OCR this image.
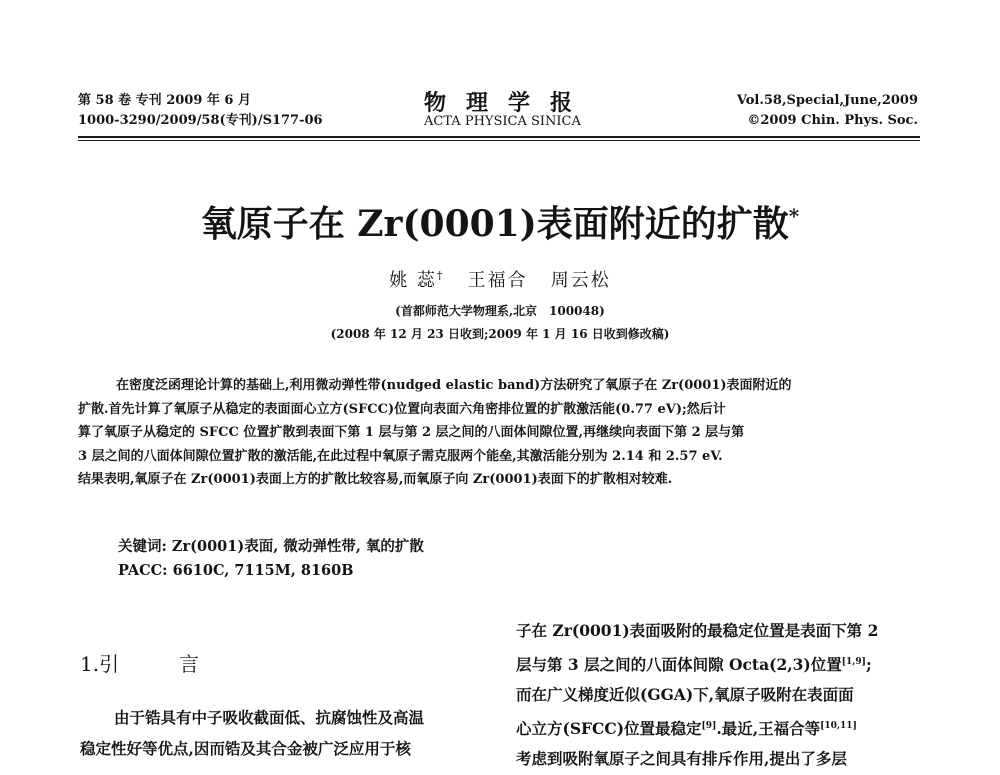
第 58 卷 专刊 2009 年 6 月
1000-3290/2009/58(专刊)/S177-06
物理学报
ACTA PHYSICA SINICA
Vol.58,Special,June,2009
©2009 Chin. Phys. Soc.
氧原子在 Zr(0001)表面附近的扩散*
姚 蕊† 王福合 周云松
(首都师范大学物理系,北京　100048)
(2008 年 12 月 23 日收到;2009 年 1 月 16 日收到修改稿)
在密度泛函理论计算的基础上,利用微动弹性带(nudged elastic band)方法研究了氧原子在 Zr(0001)表面附近的
扩散.首先计算了氧原子从稳定的表面面心立方(SFCC)位置向表面六角密排位置的扩散激活能(0.77 eV);然后计
算了氧原子从稳定的 SFCC 位置扩散到表面下第 1 层与第 2 层之间的八面体间隙位置,再继续向表面下第 2 层与第
3 层之间的八面体间隙位置扩散的激活能,在此过程中氧原子需克服两个能垒,其激活能分别为 2.14 和 2.57 eV.
结果表明,氧原子在 Zr(0001)表面上方的扩散比较容易,而氧原子向 Zr(0001)表面下的扩散相对较难.
关键词: Zr(0001)表面, 微动弹性带, 氧的扩散
PACC: 6610C, 7115M, 8160B
1.引	言
由于锆具有中子吸收截面低、抗腐蚀性及高温
稳定性好等优点,因而锆及其合金被广泛应用于核
子在 Zr(0001)表面吸附的最稳定位置是表面下第 2
层与第 3 层之间的八面体间隙 Octa(2,3)位置[1,9];
而在广义梯度近似(GGA)下,氧原子吸附在表面面
心立方(SFCC)位置最稳定[9].最近,王福合等[10,11]
考虑到吸附氧原子之间具有排斥作用,提出了多层
